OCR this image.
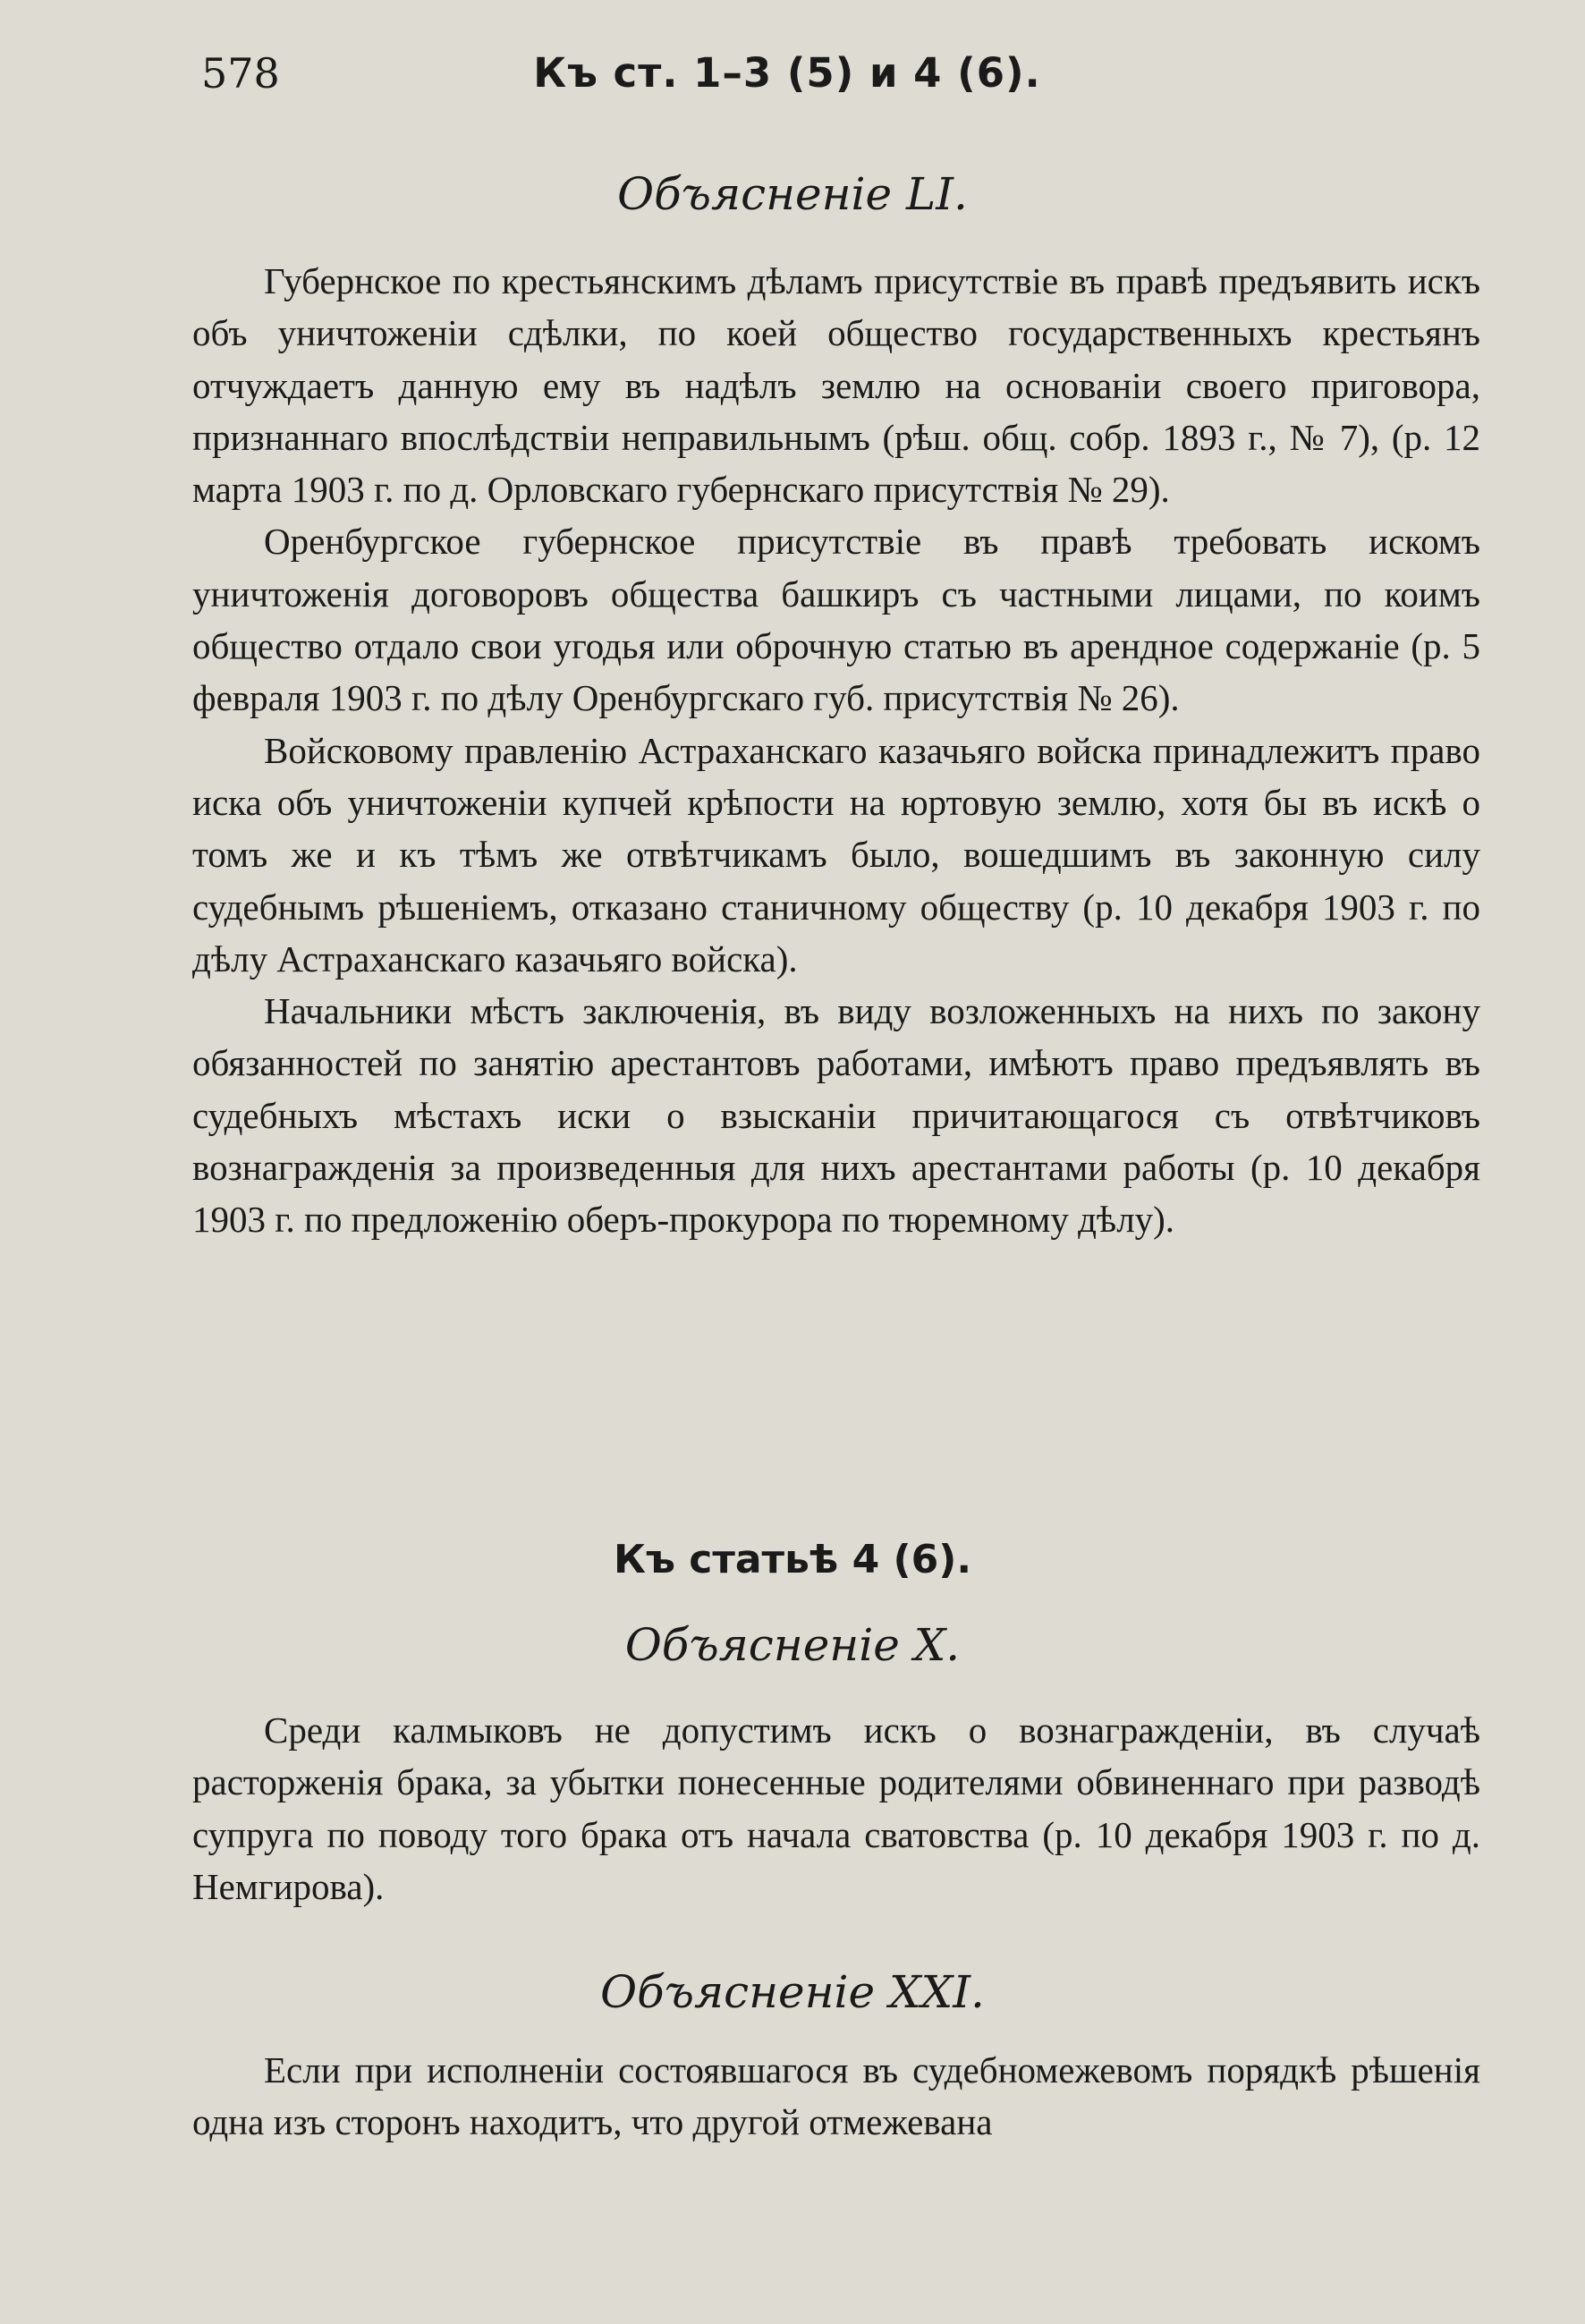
578	Къ ст. 1–3 (5) и 4 (6).
Объясненіе LI.

Губернское по крестьянскимъ дѣламъ присутствіе въ правѣ предъявить искъ объ уничтоженіи сдѣлки, по коей общество государственныхъ крестьянъ отчуждаетъ данную ему въ надѣлъ землю на основаніи своего приговора, признаннаго впослѣдствіи неправильнымъ (рѣш. общ. собр. 1893 г., № 7), (р. 12 марта 1903 г. по д. Орловскаго губернскаго присутствія № 29).

Оренбургское губернское присутствіе въ правѣ требовать искомъ уничтоженія договоровъ общества башкиръ съ частными лицами, по коимъ общество отдало свои угодья или оброчную статью въ арендное содержаніе (р. 5 февраля 1903 г. по дѣлу Оренбургскаго губ. присутствія № 26).

Войсковому правленію Астраханскаго казачьяго войска принадлежитъ право иска объ уничтоженіи купчей крѣпости на юртовую землю, хотя бы въ искѣ о томъ же и къ тѣмъ же отвѣтчикамъ было, вошедшимъ въ законную силу судебнымъ рѣшеніемъ, отказано станичному обществу (р. 10 декабря 1903 г. по дѣлу Астраханскаго казачьяго войска).

Начальники мѣстъ заключенія, въ виду возложенныхъ на нихъ по закону обязанностей по занятію арестантовъ работами, имѣютъ право предъявлять въ судебныхъ мѣстахъ иски о взысканіи причитающагося съ отвѣтчиковъ вознагражденія за произведенныя для нихъ арестантами работы (р. 10 декабря 1903 г. по предложенію оберъ-прокурора по тюремному дѣлу).

Къ статьѣ 4 (6).
Объясненіе X.

Среди калмыковъ не допустимъ искъ о вознагражденіи, въ случаѣ расторженія брака, за убытки понесенные родителями обвиненнаго при разводѣ супруга по поводу того брака отъ начала сватовства (р. 10 декабря 1903 г. по д. Немгирова).

Объясненіе XXI.

Если при исполненіи состоявшагося въ судебномежевомъ порядкѣ рѣшенія одна изъ сторонъ находитъ, что другой отмежевана
